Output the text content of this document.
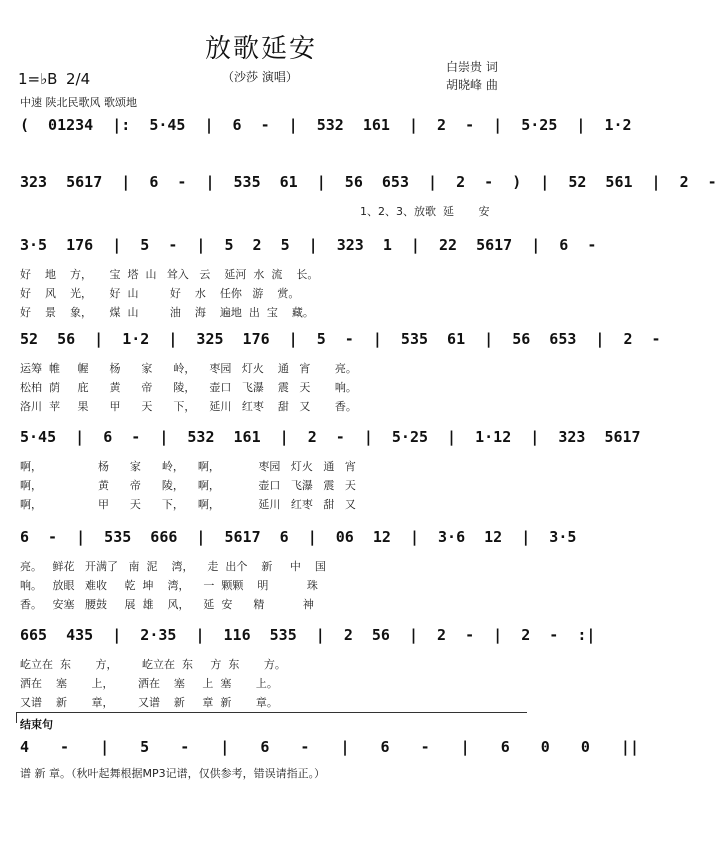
放歌延安
（沙莎 演唱）
白崇贵 词
胡晓峰 曲
1=♭B 2/4
中速 陕北民歌风 歌颂地
( 01234 |: 5·45 | 6 - | 532 161 | 2 - | 5·25 | 1·2
323 5617 | 6 - | 535 61 | 56 653 | 2 - ) | 52 561 | 2 -
1、2、3、放歌  延       安
3·5 176 | 5 - | 5 2 5 | 323 1 | 22 5617 | 6 -
好    地    方，     宝  塔  山   耸入   云    延河  水  流    长。
好    风    光，     好  山         好    水    任你   游    赏。
好    景    象，     煤  山         油    海    遍地  出  宝    藏。
52 56 | 1·2 | 325 176 | 5 - | 535 61 | 56 653 | 2 -
运筹  帷     幄      杨      家      岭，    枣园   灯火    通   宵       亮。
松柏  荫     庇      黄      帝      陵，    壶口   飞瀑    震   天       响。
洛川  苹     果      甲      天      下，    延川   红枣    甜   又       香。
5·45 | 6 - | 532 161 | 2 - | 5·25 | 1·12 | 323 5617
啊，                杨      家      岭，    啊，           枣园   灯火   通   宵
啊，                黄      帝      陵，    啊，           壶口   飞瀑   震   天
啊，                甲      天      下，    啊，           延川   红枣   甜   又
6 - | 535 666 | 5617 6 | 06 12 | 3·6 12 | 3·5
亮。   鲜花   开满了   南  泥    湾，    走  出个    新     中    国
响。   放眼   难收     乾  坤    湾，    一  颗颗    明           珠
香。   安塞   腰鼓     展  雄    风，    延  安      精           神
665 435 | 2·35 | 116 535 | 2 56 | 2 - | 2 - :|
屹立在  东       方，       屹立在  东     方  东       方。
洒在    塞       上，       洒在    塞     上  塞       上。
又谱    新       章，       又谱    新     章  新       章。
结束句
4 - | 5 - | 6 - | 6 - | 6 0 0 ||
谱 新 章。（秋叶起舞根据MP3记谱，仅供参考，错误请指正。）
